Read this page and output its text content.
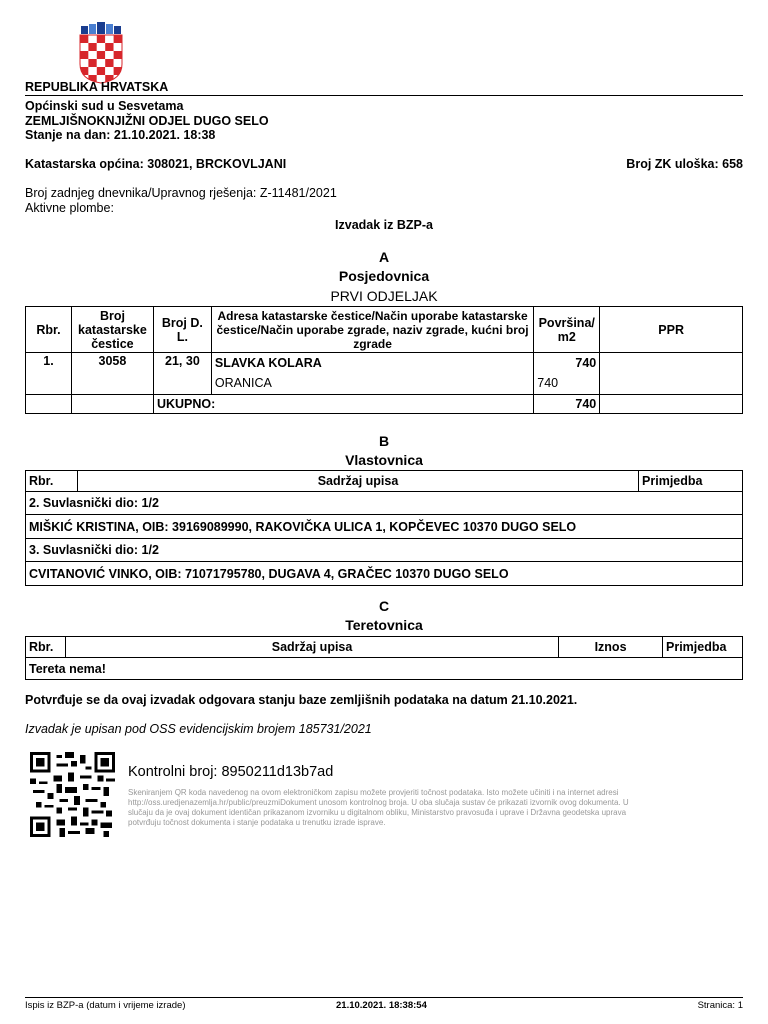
REPUBLIKA HRVATSKA
Općinski sud u Sesvetama
ZEMLJIŠNOKNJIŽNI ODJEL DUGO SELO
Stanje na dan: 21.10.2021. 18:38
Katastarska općina: 308021, BRCKOVLJANI	Broj ZK uloška: 658
Broj zadnjeg dnevnika/Upravnog rješenja: Z-11481/2021
Aktivne plombe:
Izvadak iz BZP-a
A
Posjedovnica
PRVI ODJELJAK
Rbr.	Broj katastarske čestice	Broj D. L.	Adresa katastarske čestice/Način uporabe katastarske čestice/Način uporabe zgrade, naziv zgrade, kućni broj zgrade	Površina/ m2	PPR
1.	3058	21, 30	SLAVKA KOLARA	740	
			ORANICA	740	
		UKUPNO:		740	
B
Vlastovnica
Rbr.	Sadržaj upisa	Primjedba
2. Suvlasnički dio: 1/2
MIŠKIĆ KRISTINA, OIB: 39169089990, RAKOVIČKA ULICA 1, KOPČEVEC 10370 DUGO SELO
3. Suvlasnički dio: 1/2
CVITANOVIĆ VINKO, OIB: 71071795780, DUGAVA 4, GRAČEC 10370 DUGO SELO
C
Teretovnica
Rbr.	Sadržaj upisa	Iznos	Primjedba
Tereta nema!
Potvrđuje se da ovaj izvadak odgovara stanju baze zemljišnih podataka na datum 21.10.2021.
Izvadak je upisan pod OSS evidencijskim brojem 185731/2021
Kontrolni broj: 8950211d13b7ad
Skeniranjem QR koda navedenog na ovom elektroničkom zapisu možete provjeriti točnost podataka. Isto možete učiniti i na internet adresi http://oss.uredjenazemlja.hr/public/preuzmiDokument unosom kontrolnog broja. U oba slučaja sustav će prikazati izvornik ovog dokumenta. U slučaju da je ovaj dokument identičan prikazanom izvorniku u digitalnom obliku, Ministarstvo pravosuđa i uprave i Državna geodetska uprava potvrđuju točnost dokumenta i stanje podataka u trenutku izrade isprave.
Ispis iz BZP-a (datum i vrijeme izrade)	21.10.2021. 18:38:54	Stranica: 1
